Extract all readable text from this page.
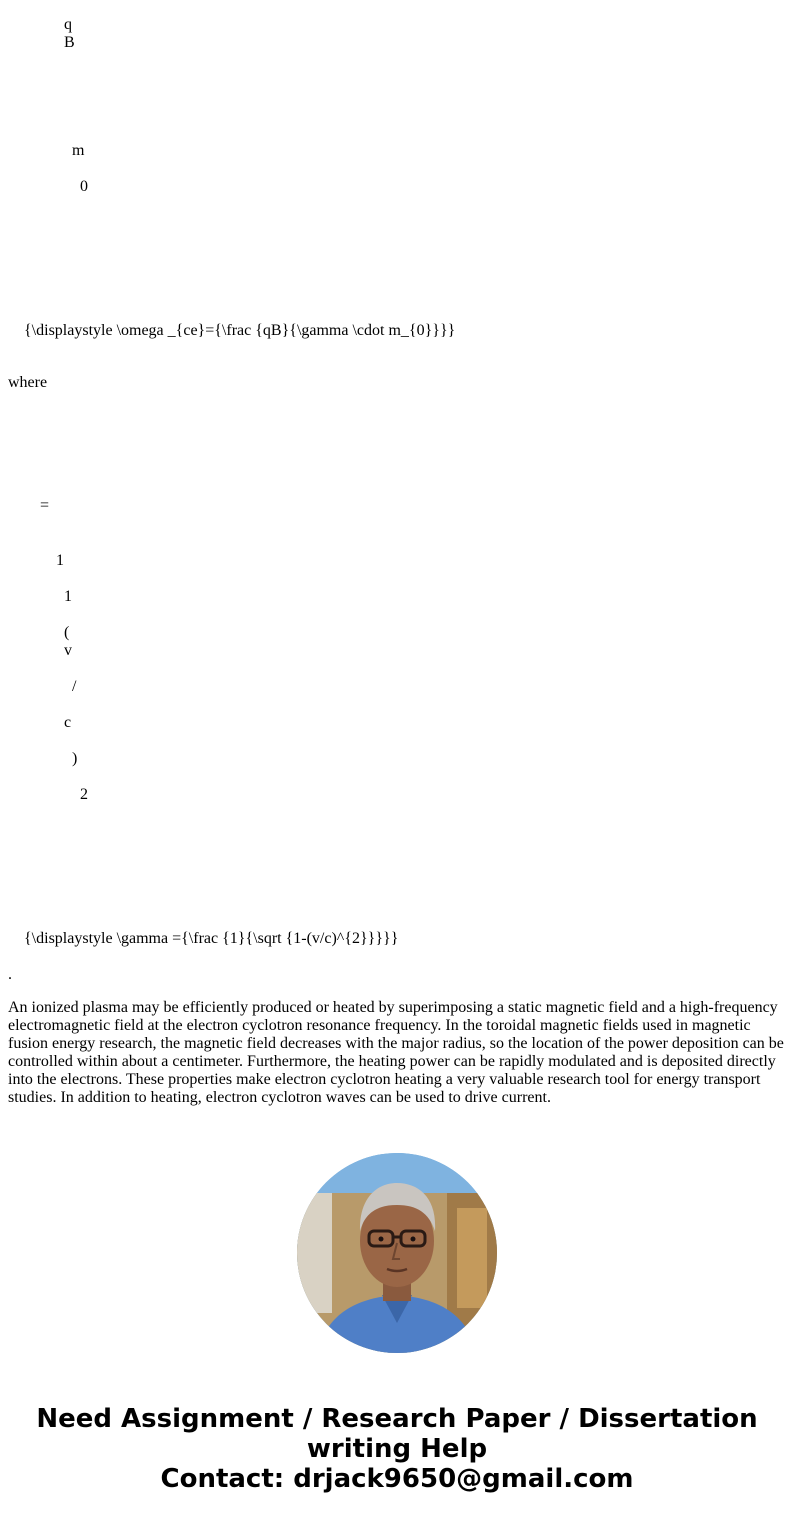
q
B
m
0
{\displaystyle \omega _{ce}={\frac {qB}{\gamma \cdot m_{0}}}}
where
=
1
1
(
v
/
c
)
2
{\displaystyle \gamma ={\frac {1}{\sqrt {1-(v/c)^{2}}}}}
.
An ionized plasma may be efficiently produced or heated by superimposing a static magnetic field and a high-frequency electromagnetic field at the electron cyclotron resonance frequency. In the toroidal magnetic fields used in magnetic fusion energy research, the magnetic field decreases with the major radius, so the location of the power deposition can be controlled within about a centimeter. Furthermore, the heating power can be rapidly modulated and is deposited directly into the electrons. These properties make electron cyclotron heating a very valuable research tool for energy transport studies. In addition to heating, electron cyclotron waves can be used to drive current.
Need Assignment / Research Paper / Dissertation
writing Help
Contact: drjack9650@gmail.com
